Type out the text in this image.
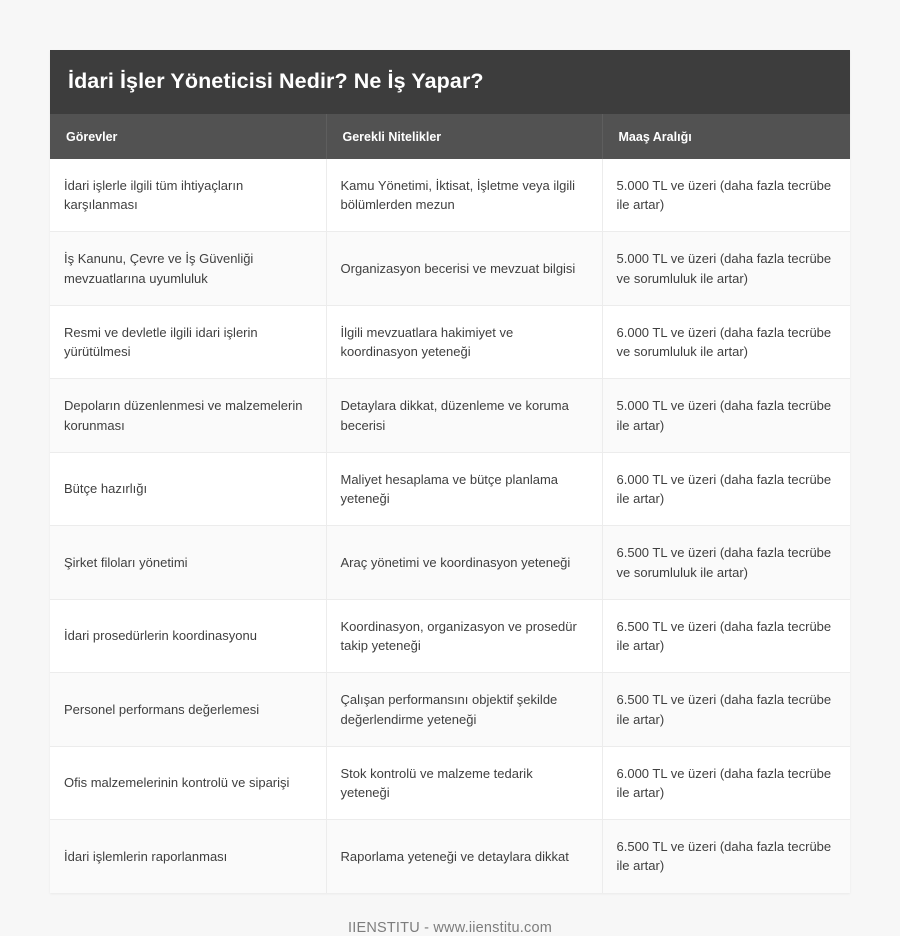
İdari İşler Yöneticisi Nedir? Ne İş Yapar?
Görevler	Gerekli Nitelikler	Maaş Aralığı
İdari işlerle ilgili tüm ihtiyaçların karşılanması	Kamu Yönetimi, İktisat, İşletme veya ilgili bölümlerden mezun	5.000 TL ve üzeri (daha fazla tecrübe ile artar)
İş Kanunu, Çevre ve İş Güvenliği mevzuatlarına uyumluluk	Organizasyon becerisi ve mevzuat bilgisi	5.000 TL ve üzeri (daha fazla tecrübe ve sorumluluk ile artar)
Resmi ve devletle ilgili idari işlerin yürütülmesi	İlgili mevzuatlara hakimiyet ve koordinasyon yeteneği	6.000 TL ve üzeri (daha fazla tecrübe ve sorumluluk ile artar)
Depoların düzenlenmesi ve malzemelerin korunması	Detaylara dikkat, düzenleme ve koruma becerisi	5.000 TL ve üzeri (daha fazla tecrübe ile artar)
Bütçe hazırlığı	Maliyet hesaplama ve bütçe planlama yeteneği	6.000 TL ve üzeri (daha fazla tecrübe ile artar)
Şirket filoları yönetimi	Araç yönetimi ve koordinasyon yeteneği	6.500 TL ve üzeri (daha fazla tecrübe ve sorumluluk ile artar)
İdari prosedürlerin koordinasyonu	Koordinasyon, organizasyon ve prosedür takip yeteneği	6.500 TL ve üzeri (daha fazla tecrübe ile artar)
Personel performans değerlemesi	Çalışan performansını objektif şekilde değerlendirme yeteneği	6.500 TL ve üzeri (daha fazla tecrübe ile artar)
Ofis malzemelerinin kontrolü ve siparişi	Stok kontrolü ve malzeme tedarik yeteneği	6.000 TL ve üzeri (daha fazla tecrübe ile artar)
İdari işlemlerin raporlanması	Raporlama yeteneği ve detaylara dikkat	6.500 TL ve üzeri (daha fazla tecrübe ile artar)
IIENSTITU - www.iienstitu.com
